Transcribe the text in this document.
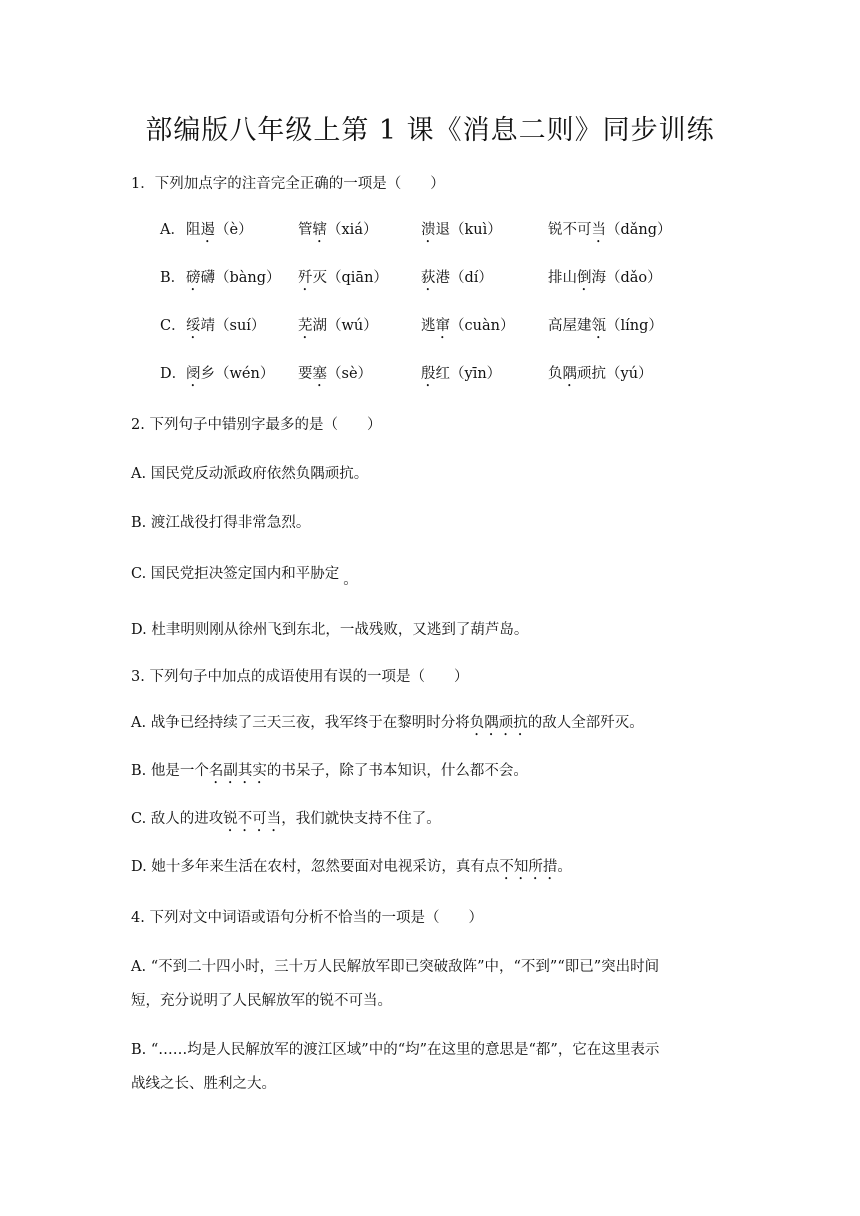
部编版八年级上第 1 课《消息二则》同步训练
1．下列加点字的注音完全正确的一项是（　　）
A． 阻遏（è）	管辖（xiá）	溃退（kuì）	锐不可当（dǎng）
B． 磅礴（bàng） 歼灭（qiān） 荻港（dí）	排山倒海（dǎo）
C． 绥靖（suí） 芜湖（wú）	逃窜（cuàn） 高屋建瓴（líng）
D． 阌乡（wén） 要塞（sè）	殷红（yīn）	负隅顽抗（yú）
2. 下列句子中错别字最多的是（　　）
A. 国民党反动派政府依然负隅顽抗。
B. 渡江战役打得非常急烈。
C. 国民党拒决签定国内和平胁定 。
D. 杜聿明则刚从徐州飞到东北，一战残败，又逃到了葫芦岛。
3. 下列句子中加点的成语使用有误的一项是（　　）
A. 战争已经持续了三天三夜，我军终于在黎明时分将负隅顽抗的敌人全部歼灭。
B. 他是一个名副其实的书呆子，除了书本知识，什么都不会。
C. 敌人的进攻锐不可当，我们就快支持不住了。
D. 她十多年来生活在农村，忽然要面对电视采访，真有点不知所措。
4. 下列对文中词语或语句分析不恰当的一项是（　　）
A. “不到二十四小时，三十万人民解放军即已突破敌阵”中，“不到”“即已”突出时间
短，充分说明了人民解放军的锐不可当。
B. “……均是人民解放军的渡江区域”中的“均”在这里的意思是“都”，它在这里表示
战线之长、胜利之大。
